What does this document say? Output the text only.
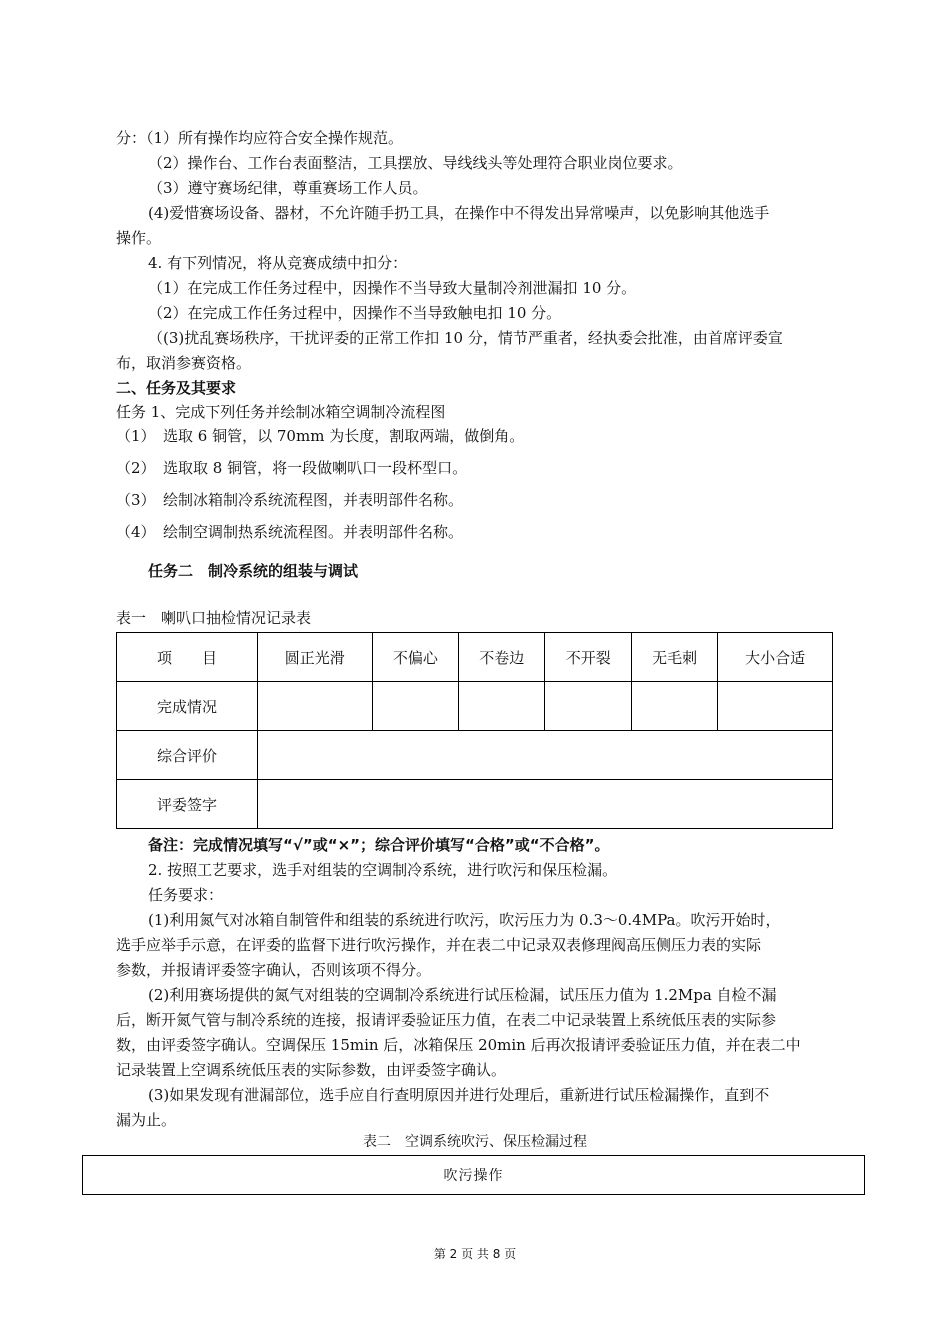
分：（1）所有操作均应符合安全操作规范。
（2）操作台、工作台表面整洁，工具摆放、导线线头等处理符合职业岗位要求。
（3）遵守赛场纪律，尊重赛场工作人员。
(4)爱惜赛场设备、器材，不允许随手扔工具，在操作中不得发出异常噪声，以免影响其他选手
操作。
4. 有下列情况，将从竞赛成绩中扣分：
（1）在完成工作任务过程中，因操作不当导致大量制冷剂泄漏扣 10 分。
（2）在完成工作任务过程中，因操作不当导致触电扣 10 分。
（(3)扰乱赛场秩序，干扰评委的正常工作扣 10 分，情节严重者，经执委会批准，由首席评委宣
布，取消参赛资格。
二、任务及其要求
任务 1、完成下列任务并绘制冰箱空调制冷流程图
（1）　选取 6 铜管，以 70mm 为长度，割取两端，做倒角。
（2）　选取取 8 铜管，将一段做喇叭口一段杯型口。
（3）　绘制冰箱制冷系统流程图，并表明部件名称。
（4）　绘制空调制热系统流程图。并表明部件名称。
任务二　制冷系统的组装与调试
表一　喇叭口抽检情况记录表
项　　目	圆正光滑	不偏心	不卷边	不开裂	无毛刺	大小合适
完成情况						
综合评价						
评委签字						
备注：完成情况填写“√”或“×”；综合评价填写“合格”或“不合格”。
2. 按照工艺要求，选手对组装的空调制冷系统，进行吹污和保压检漏。
任务要求：
(1)利用氮气对冰箱自制管件和组装的系统进行吹污，吹污压力为 0.3～0.4MPa。吹污开始时，
选手应举手示意，在评委的监督下进行吹污操作，并在表二中记录双表修理阀高压侧压力表的实际
参数，并报请评委签字确认，否则该项不得分。
(2)利用赛场提供的氮气对组装的空调制冷系统进行试压检漏，试压压力值为 1.2Mpa 自检不漏
后，断开氮气管与制冷系统的连接，报请评委验证压力值，在表二中记录装置上系统低压表的实际参
数，由评委签字确认。空调保压 15min 后，冰箱保压 20min 后再次报请评委验证压力值，并在表二中
记录装置上空调系统低压表的实际参数，由评委签字确认。
(3)如果发现有泄漏部位，选手应自行查明原因并进行处理后，重新进行试压检漏操作，直到不
漏为止。
表二　空调系统吹污、保压检漏过程
吹污操作
第 2 页 共 8 页
